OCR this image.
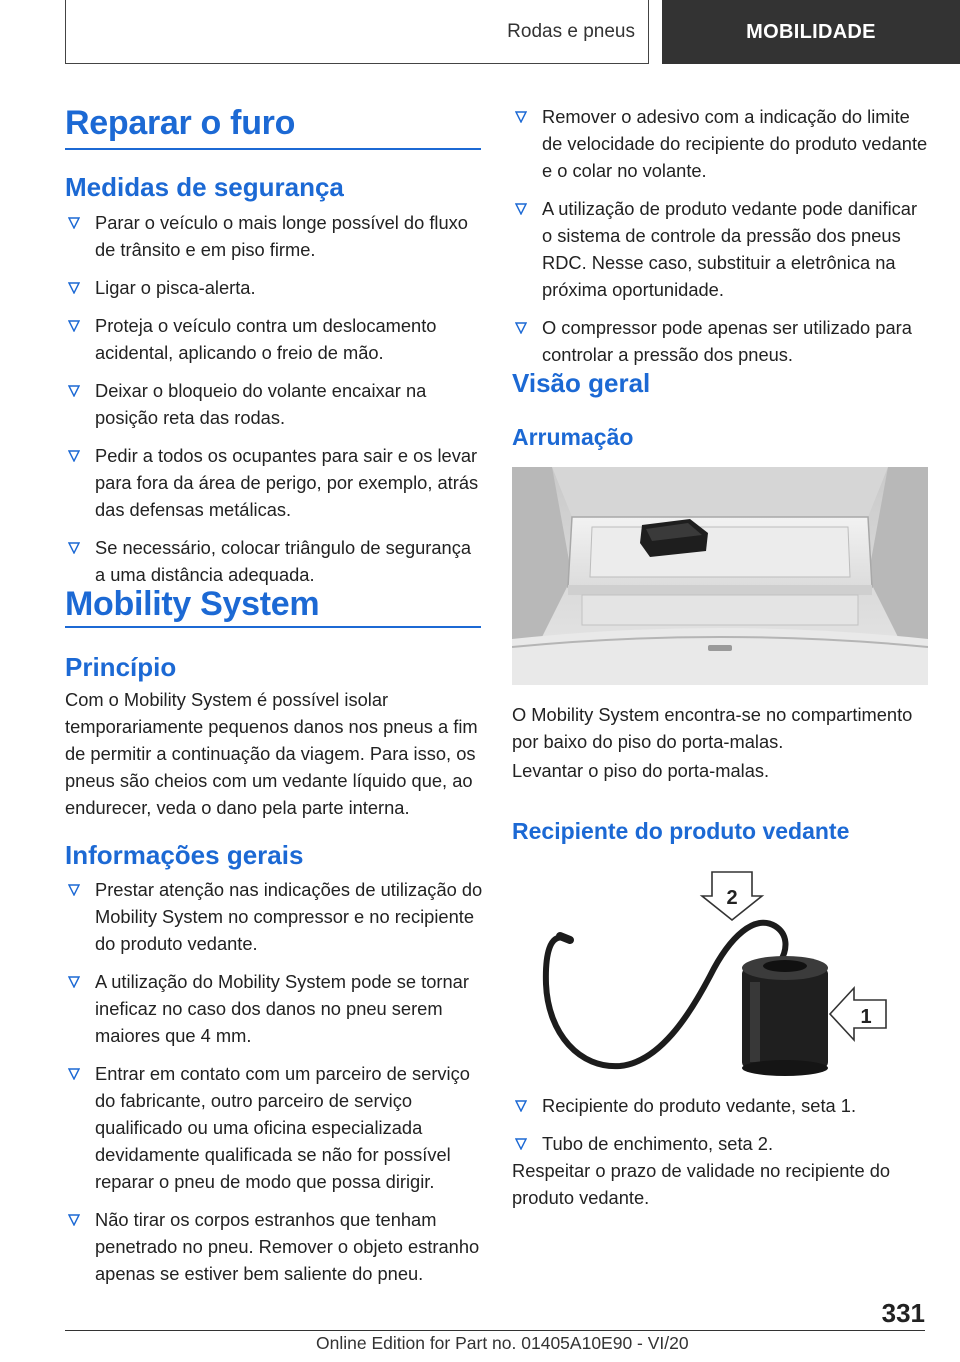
Rodas e pneus	MOBILIDADE
Reparar o furo
Medidas de segurança
Parar o veículo o mais longe possível do fluxo de trânsito e em piso firme.
Ligar o pisca-alerta.
Proteja o veículo contra um deslocamento acidental, aplicando o freio de mão.
Deixar o bloqueio do volante encaixar na posição reta das rodas.
Pedir a todos os ocupantes para sair e os levar para fora da área de perigo, por exemplo, atrás das defensas metálicas.
Se necessário, colocar triângulo de segurança a uma distância adequada.
Mobility System
Princípio

Com o Mobility System é possível isolar temporariamente pequenos danos nos pneus a fim de permitir a continuação da viagem. Para isso, os pneus são cheios com um vedante líquido que, ao endurecer, veda o dano pela parte interna.

Informações gerais
Prestar atenção nas indicações de utilização do Mobility System no compressor e no recipiente do produto vedante.
A utilização do Mobility System pode se tornar ineficaz no caso dos danos no pneu serem maiores que 4 mm.
Entrar em contato com um parceiro de serviço do fabricante, outro parceiro de serviço qualificado ou uma oficina especializada devidamente qualificada se não for possível reparar o pneu de modo que possa dirigir.
Não tirar os corpos estranhos que tenham penetrado no pneu. Remover o objeto estranho apenas se estiver bem saliente do pneu.
Remover o adesivo com a indicação do limite de velocidade do recipiente do produto vedante e o colar no volante.
A utilização de produto vedante pode danificar o sistema de controle da pressão dos pneus RDC. Nesse caso, substituir a eletrônica na próxima oportunidade.
O compressor pode apenas ser utilizado para controlar a pressão dos pneus.
Visão geral
Arrumação

O Mobility System encontra-se no compartimento por baixo do piso do porta-malas.

Levantar o piso do porta-malas.

Recipiente do produto vedante
2
1
Recipiente do produto vedante, seta 1.
Tubo de enchimento, seta 2.

Respeitar o prazo de validade no recipiente do produto vedante.

331
Online Edition for Part no. 01405A10E90 - VI/20
